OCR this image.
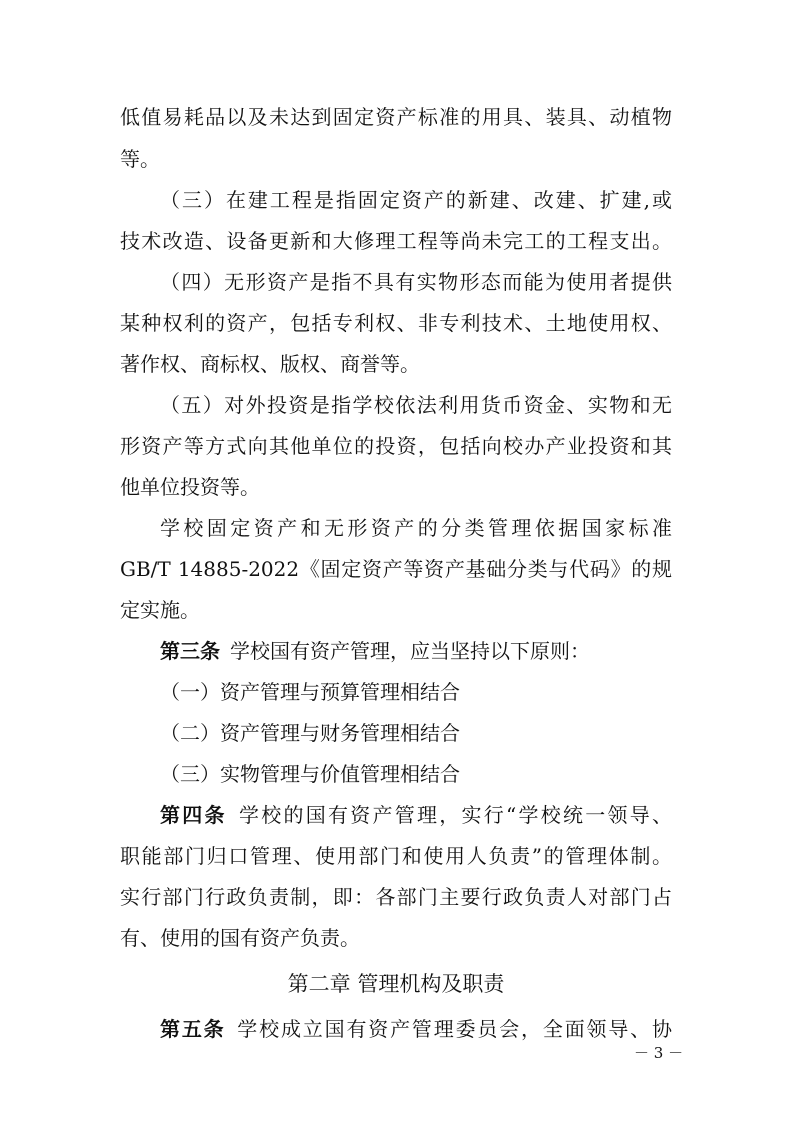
低值易耗品以及未达到固定资产标准的用具、装具、动植物
等。
（三）在建工程是指固定资产的新建、改建、扩建,或
技术改造、设备更新和大修理工程等尚未完工的工程支出。
（四）无形资产是指不具有实物形态而能为使用者提供
某种权利的资产，包括专利权、非专利技术、土地使用权、
著作权、商标权、版权、商誉等。
（五）对外投资是指学校依法利用货币资金、实物和无
形资产等方式向其他单位的投资，包括向校办产业投资和其
他单位投资等。
学校固定资产和无形资产的分类管理依据国家标准
GB/T 14885-2022《固定资产等资产基础分类与代码》的规
定实施。
第三条  学校国有资产管理，应当坚持以下原则：
（一）资产管理与预算管理相结合
（二）资产管理与财务管理相结合
（三）实物管理与价值管理相结合
第四条  学校的国有资产管理，实行“学校统一领导、
职能部门归口管理、使用部门和使用人负责”的管理体制。
实行部门行政负责制，即：各部门主要行政负责人对部门占
有、使用的国有资产负责。
第二章 管理机构及职责
第五条  学校成立国有资产管理委员会，全面领导、协
－ 3 －
